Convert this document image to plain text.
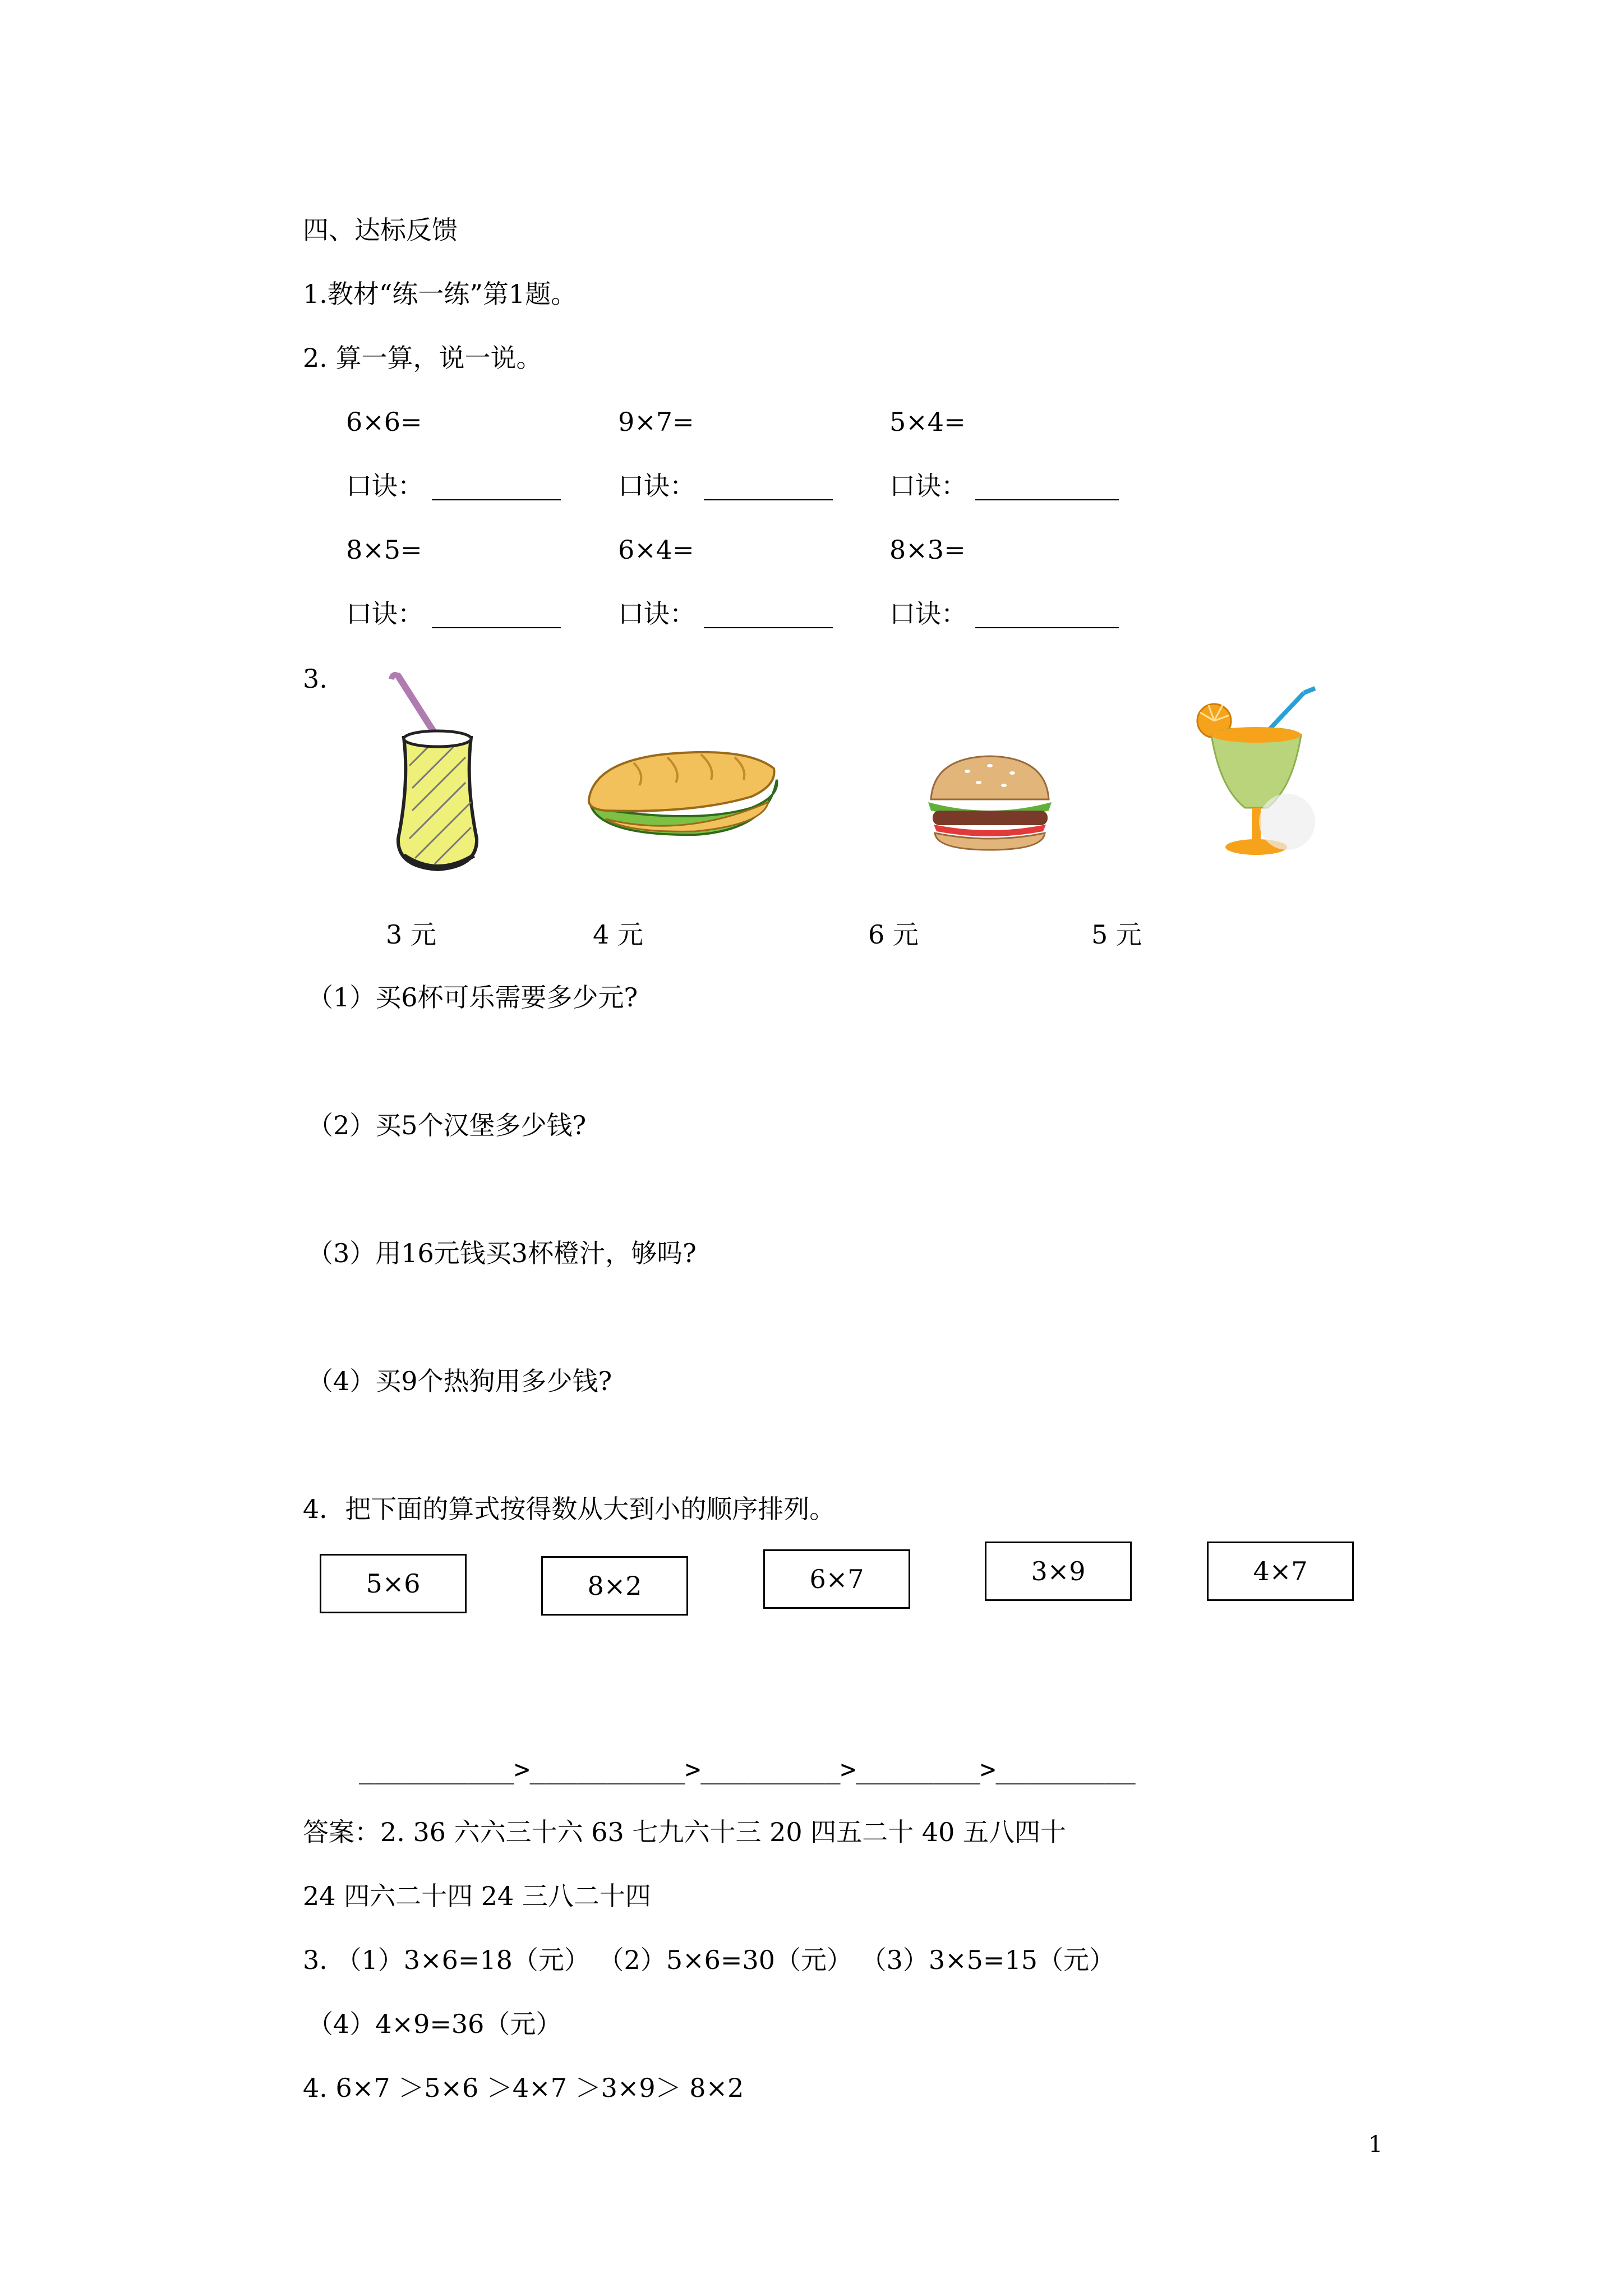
四、达标反馈
1.教材“练一练”第1题。
2. 算一算，说一说。
6×6=	9×7=	5×4=
口诀：	口诀：	口诀：
8×5=	6×4=	8×3=
口诀：	口诀：	口诀：
3.
3 元	4 元	6 元	5 元
（1）买6杯可乐需要多少元?
（2）买5个汉堡多少钱?
（3）用16元钱买3杯橙汁，够吗?
（4）买9个热狗用多少钱?
4．把下面的算式按得数从大到小的顺序排列。
5×6	8×2	6×7	3×9	4×7
__________>__________>_________>________>_________
答案：2. 36 六六三十六 63 七九六十三 20 四五二十 40 五八四十
24 四六二十四 24 三八二十四
3. （1）3×6=18（元） （2）5×6=30（元） （3）3×5=15（元）
（4）4×9=36（元）
4. 6×7 ＞5×6 ＞4×7 ＞3×9＞ 8×2
1
